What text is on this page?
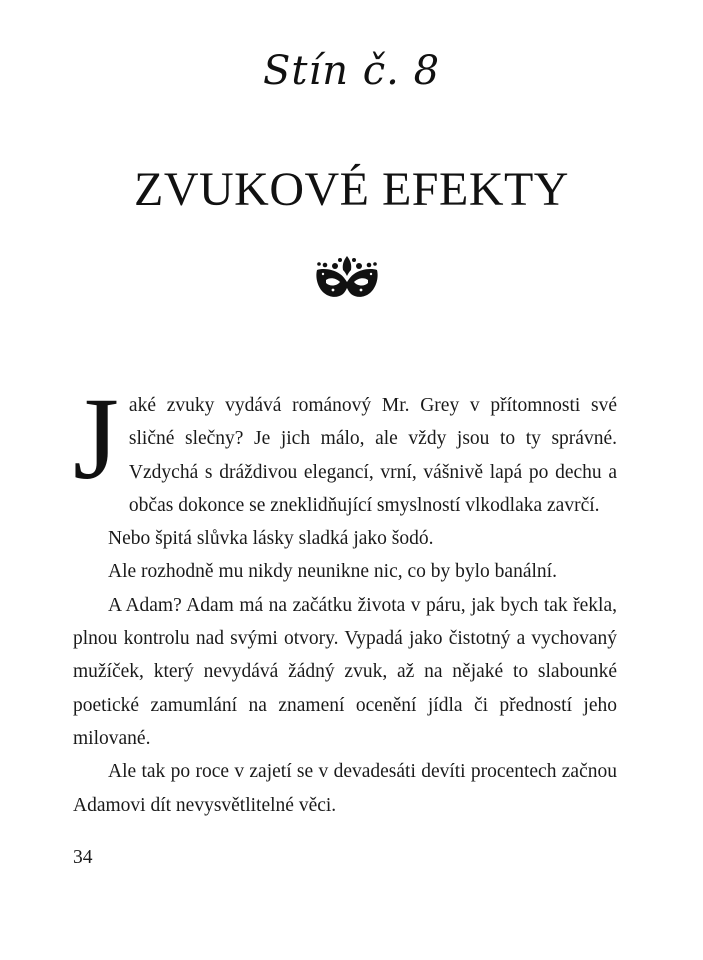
Stín č. 8
ZVUKOVÉ EFEKTY

Jaké zvuky vydává románový Mr. Grey v přítomnosti své sličné slečny? Je jich málo, ale vždy jsou to ty správné. Vzdychá s dráždivou elegancí, vrní, vášnivě lapá po dechu a občas dokonce se zneklidňující smyslností vlkodlaka zavrčí.

Nebo špitá slůvka lásky sladká jako šodó.

Ale rozhodně mu nikdy neunikne nic, co by bylo banální.

A Adam? Adam má na začátku života v páru, jak bych tak řekla, plnou kontrolu nad svými otvory. Vypadá jako čistotný a vychovaný mužíček, který nevydává žádný zvuk, až na nějaké to slabounké poetické zamumlání na znamení ocenění jídla či předností jeho milované.

Ale tak po roce v zajetí se v devadesáti devíti procentech začnou Adamovi dít nevysvětlitelné věci.

34
